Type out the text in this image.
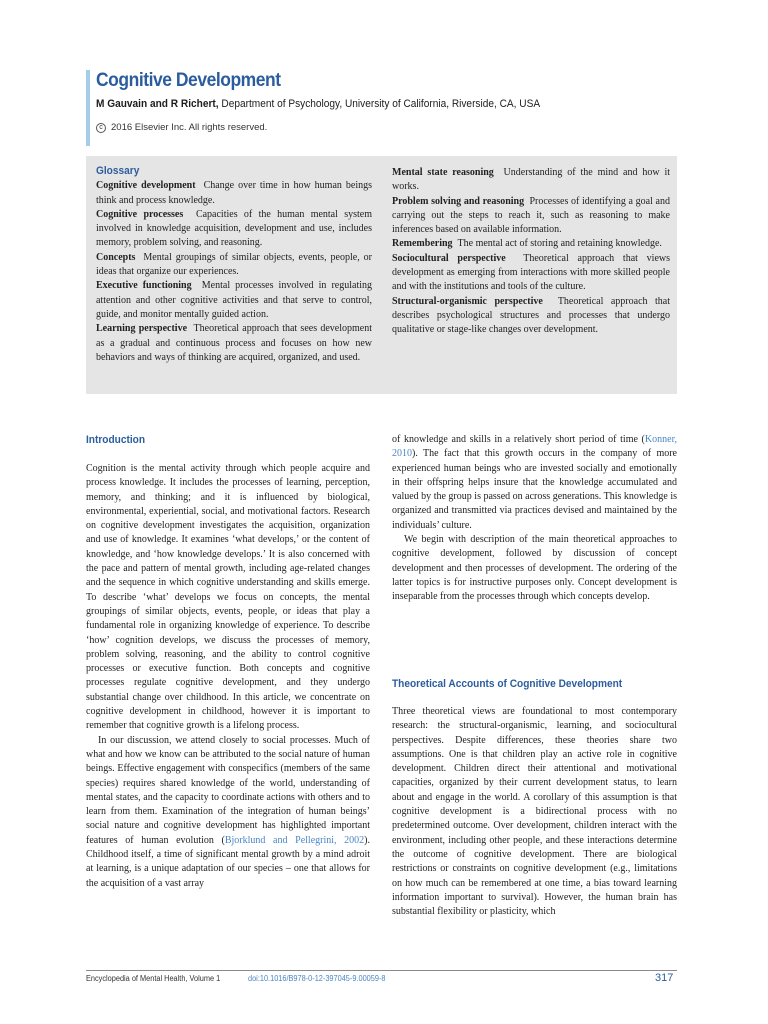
Cognitive Development
M Gauvain and R Richert, Department of Psychology, University of California, Riverside, CA, USA
c 2016 Elsevier Inc. All rights reserved.
Glossary
Cognitive development Change over time in how human beings think and process knowledge.
Cognitive processes Capacities of the human mental system involved in knowledge acquisition, development and use, includes memory, problem solving, and reasoning.
Concepts Mental groupings of similar objects, events, people, or ideas that organize our experiences.
Executive functioning Mental processes involved in regulating attention and other cognitive activities and that serve to control, guide, and monitor mentally guided action.
Learning perspective Theoretical approach that sees development as a gradual and continuous process and focuses on how new behaviors and ways of thinking are acquired, organized, and used.
Mental state reasoning Understanding of the mind and how it works.
Problem solving and reasoning Processes of identifying a goal and carrying out the steps to reach it, such as reasoning to make inferences based on available information.
Remembering The mental act of storing and retaining knowledge.
Sociocultural perspective Theoretical approach that views development as emerging from interactions with more skilled people and with the institutions and tools of the culture.
Structural-organismic perspective Theoretical approach that describes psychological structures and processes that undergo qualitative or stage-like changes over development.
Introduction

Cognition is the mental activity through which people acquire and process knowledge. It includes the processes of learning, perception, memory, and thinking; and it is influenced by biological, environmental, experiential, social, and motivational factors. Research on cognitive development investigates the acquisition, organization and use of knowledge. It examines ‘what develops,’ or the content of knowledge, and ‘how knowledge develops.’ It is also concerned with the pace and pattern of mental growth, including age-related changes and the sequence in which cognitive understanding and skills emerge. To describe ‘what’ develops we focus on concepts, the mental groupings of similar objects, events, people, or ideas that play a fundamental role in organizing knowledge of experience. To describe ‘how’ cognition develops, we discuss the processes of memory, problem solving, reasoning, and the ability to control cognitive processes or executive function. Both concepts and cognitive processes regulate cognitive development, and they undergo substantial change over childhood. In this article, we concentrate on cognitive development in childhood, however it is important to remember that cognitive growth is a lifelong process.

In our discussion, we attend closely to social processes. Much of what and how we know can be attributed to the social nature of human beings. Effective engagement with conspecifics (members of the same species) requires shared knowledge of the world, understanding of mental states, and the capacity to coordinate actions with others and to learn from them. Examination of the integration of human beings’ social nature and cognitive development has highlighted important features of human evolution (Bjorklund and Pellegrini, 2002). Childhood itself, a time of significant mental growth by a mind adroit at learning, is a unique adaptation of our species – one that allows for the acquisition of a vast array

of knowledge and skills in a relatively short period of time (Konner, 2010). The fact that this growth occurs in the company of more experienced human beings who are invested socially and emotionally in their offspring helps insure that the knowledge accumulated and valued by the group is passed on across generations. This knowledge is organized and transmitted via practices devised and maintained by the individuals’ culture.

We begin with description of the main theoretical approaches to cognitive development, followed by discussion of concept development and then processes of development. The ordering of the latter topics is for instructive purposes only. Concept development is inseparable from the processes through which concepts develop.

Theoretical Accounts of Cognitive Development

Three theoretical views are foundational to most contemporary research: the structural-organismic, learning, and sociocultural perspectives. Despite differences, these theories share two assumptions. One is that children play an active role in cognitive development. Children direct their attentional and motivational capacities, organized by their current development status, to learn about and engage in the world. A corollary of this assumption is that cognitive development is a bidirectional process with no predetermined outcome. Over development, children interact with the environment, including other people, and these interactions determine the outcome of cognitive development. There are biological restrictions or constraints on cognitive development (e.g., limitations on how much can be remembered at one time, a bias toward learning information important to survival). However, the human brain has substantial flexibility or plasticity, which

Encyclopedia of Mental Health, Volume 1	doi:10.1016/B978-0-12-397045-9.00059-8	317
